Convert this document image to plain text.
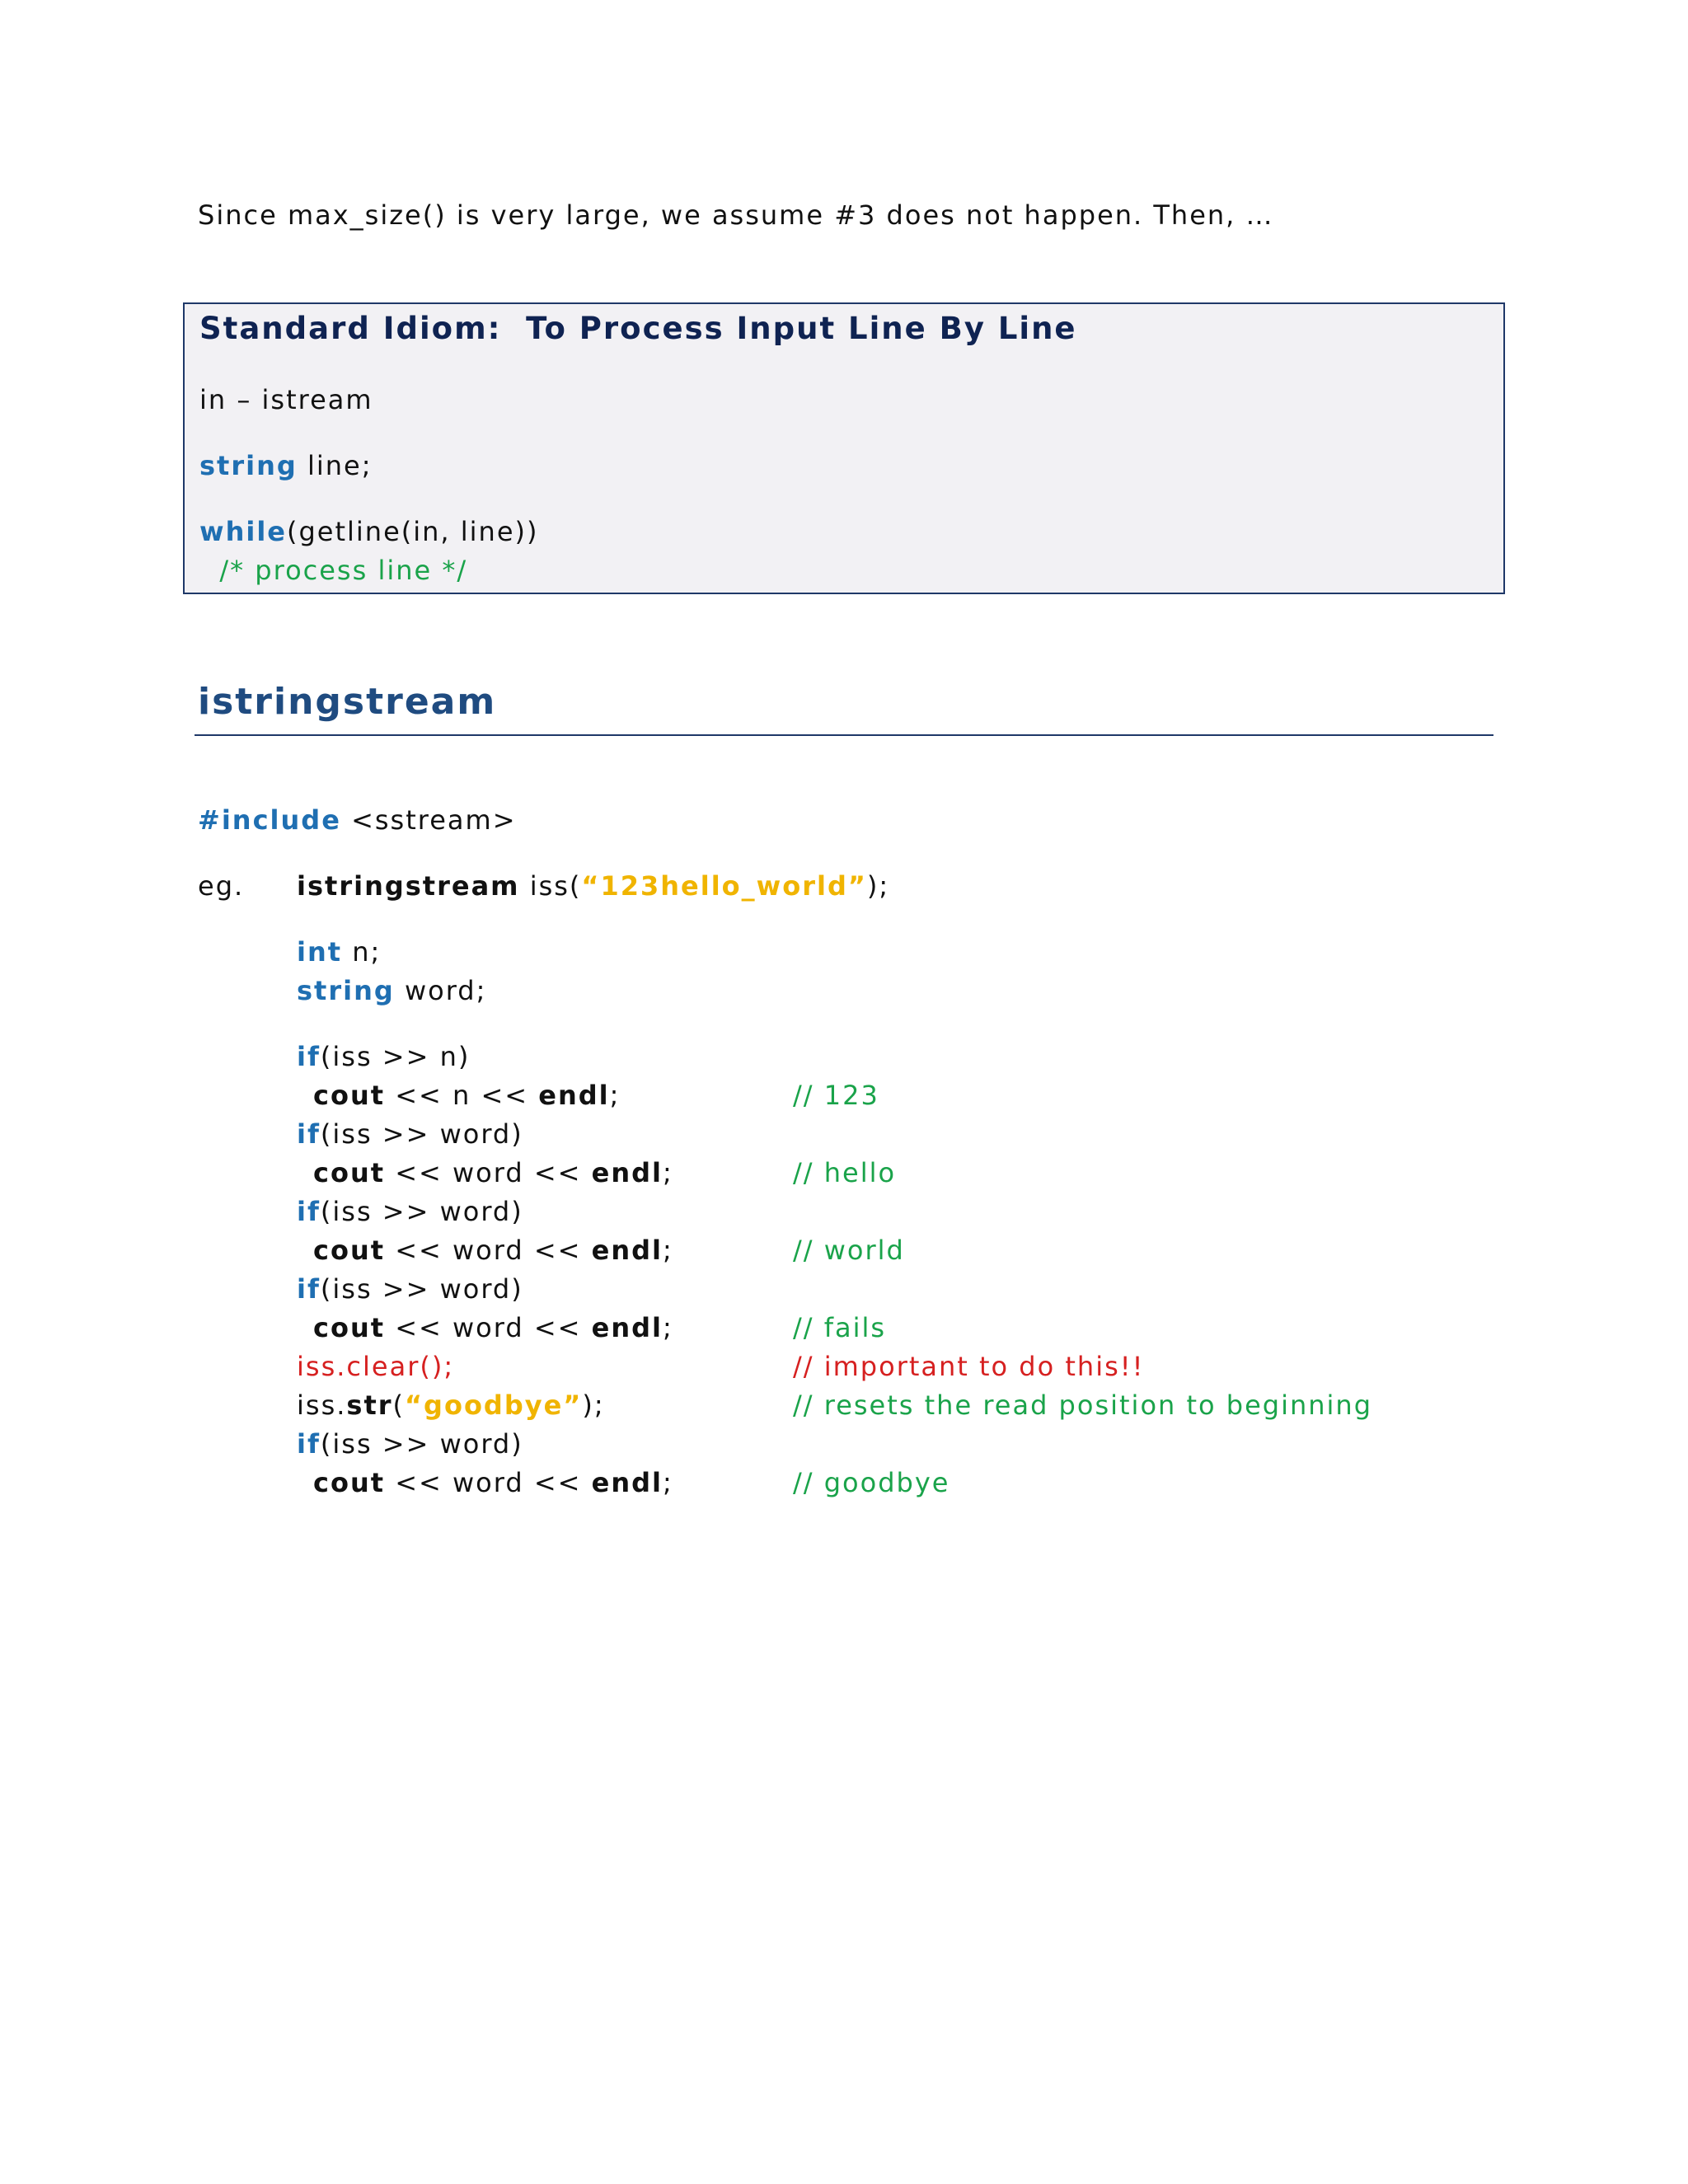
Since max_size() is very large, we assume #3 does not happen. Then, …
Standard Idiom:  To Process Input Line By Line
in – istream
string line;
while(getline(in, line))
/* process line */
istringstream
#include <sstream>
eg. istringstream iss(“123hello_world”);
int n;
string word;
if(iss >> n)
cout << n << endl;	// 123
if(iss >> word)
cout << word << endl;	// hello
if(iss >> word)
cout << word << endl;	// world
if(iss >> word)
cout << word << endl;	// fails
iss.clear();	// important to do this!!
iss.str(“goodbye”);	// resets the read position to beginning
if(iss >> word)
cout << word << endl;	// goodbye
